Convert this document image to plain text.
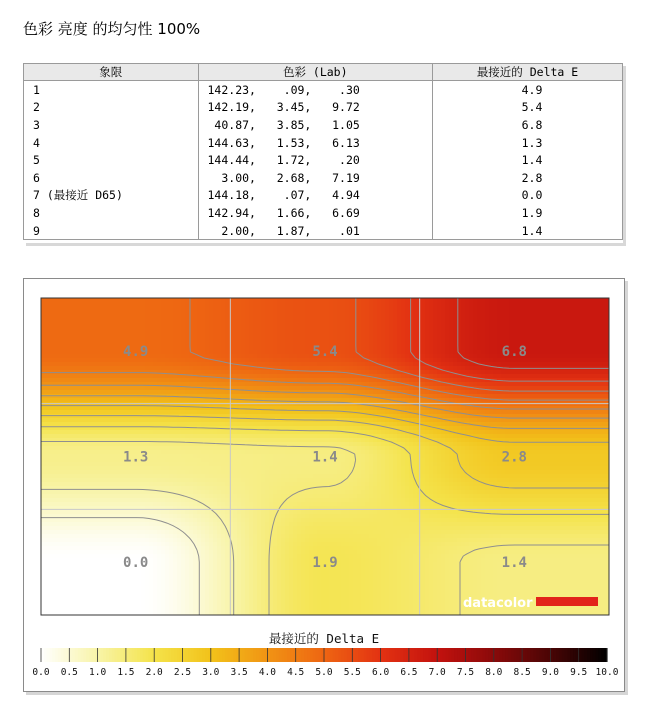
色彩 亮度 的均匀性 100%
象限	色彩 (Lab)	最接近的 Delta E
1	142.23,    .09,    .30	4.9
2	142.19,   3.45,   9.72	5.4
3	40.87,   3.85,   1.05	6.8
4	144.63,   1.53,   6.13	1.3
5	144.44,   1.72,    .20	1.4
6	3.00,   2.68,   7.19	2.8
7 (最接近 D65)	144.18,    .07,   4.94	0.0
8	142.94,   1.66,   6.69	1.9
9	2.00,   1.87,    .01	1.4
4.9	5.4	6.8
1.3	1.4	2.8
0.0	1.9	1.4
datacolor
最接近的 Delta E
0.0 0.5 1.0 1.5 2.0 2.5 3.0 3.5 4.0 4.5 5.0 5.5 6.0 6.5 7.0 7.5 8.0 8.5 9.0 9.5 10.0
